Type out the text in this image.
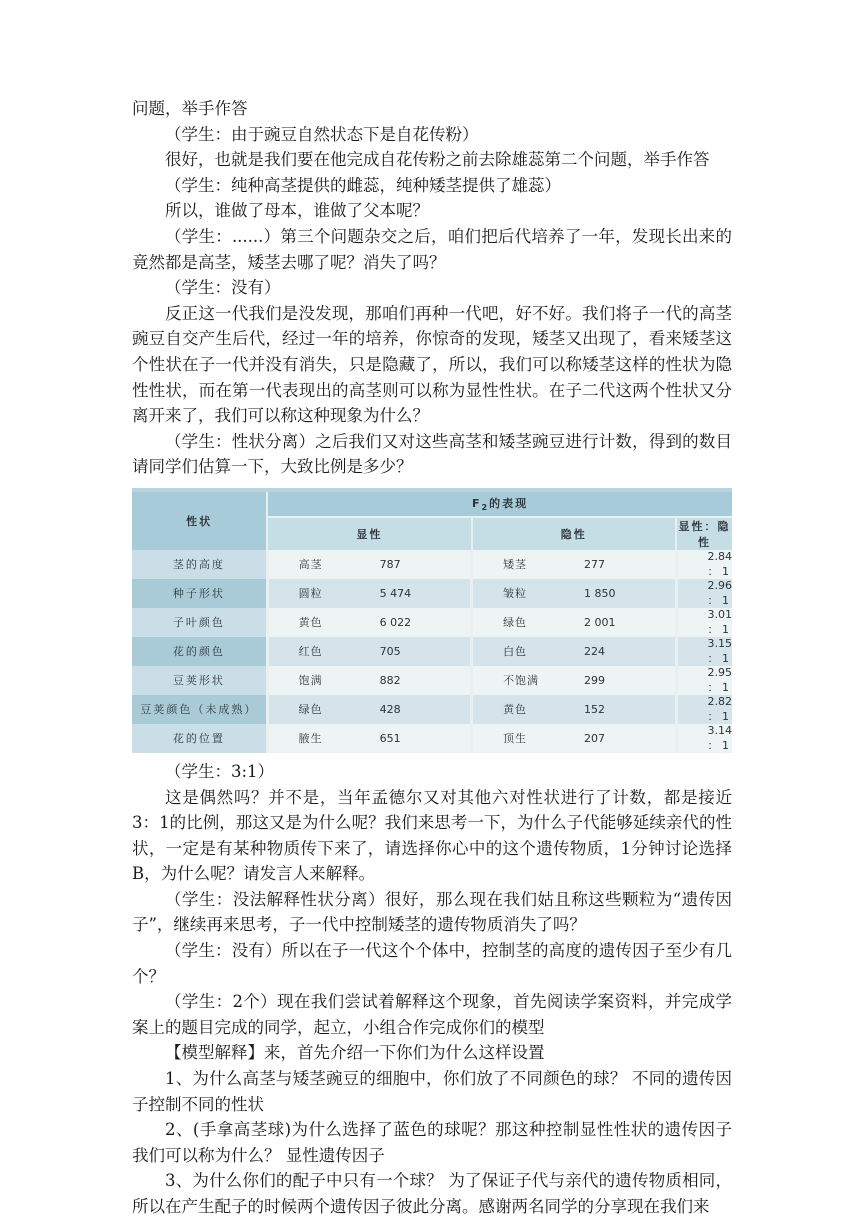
问题，举手作答

（学生：由于豌豆自然状态下是自花传粉）

很好，也就是我们要在他完成自花传粉之前去除雄蕊第二个问题，举手作答

（学生：纯种高茎提供的雌蕊，纯种矮茎提供了雄蕊）

所以，谁做了母本，谁做了父本呢？

（学生：......）第三个问题杂交之后，咱们把后代培养了一年，发现长出来的竟然都是高茎，矮茎去哪了呢？消失了吗？

（学生：没有）

反正这一代我们是没发现，那咱们再种一代吧，好不好。我们将子一代的高茎豌豆自交产生后代，经过一年的培养，你惊奇的发现，矮茎又出现了，看来矮茎这个性状在子一代并没有消失，只是隐藏了，所以，我们可以称矮茎这样的性状为隐性性状，而在第一代表现出的高茎则可以称为显性性状。在子二代这两个性状又分离开来了，我们可以称这种现象为什么？

（学生：性状分离）之后我们又对这些高茎和矮茎豌豆进行计数，得到的数目请同学们估算一下，大致比例是多少？

性状	$F_2$的表现				
	显性		隐性		显性：隐性
茎的高度	高茎	787	矮茎	277	2.84 ： 1
种子形状	圆粒	5 474	皱粒	1 850	2.96 ： 1
子叶颜色	黄色	6 022	绿色	2 001	3.01 ： 1
花的颜色	红色	705	白色	224	3.15 ： 1
豆荚形状	饱满	882	不饱满	299	2.95 ： 1
豆荚颜色（未成熟）	绿色	428	黄色	152	2.82 ： 1
花的位置	腋生	651	顶生	207	3.14 ： 1

（学生：3:1）

这是偶然吗？并不是，当年孟德尔又对其他六对性状进行了计数，都是接近3：1的比例，那这又是为什么呢？我们来思考一下，为什么子代能够延续亲代的性状，一定是有某种物质传下来了，请选择你心中的这个遗传物质，1分钟讨论选择 B，为什么呢？请发言人来解释。

（学生：没法解释性状分离）很好，那么现在我们姑且称这些颗粒为“遗传因子”，继续再来思考，子一代中控制矮茎的遗传物质消失了吗？

（学生：没有）所以在子一代这个个体中，控制茎的高度的遗传因子至少有几个？

（学生：2个）现在我们尝试着解释这个现象，首先阅读学案资料，并完成学案上的题目完成的同学，起立，小组合作完成你们的模型

【模型解释】来，首先介绍一下你们为什么这样设置

1、为什么高茎与矮茎豌豆的细胞中，你们放了不同颜色的球？ 不同的遗传因子控制不同的性状

2、(手拿高茎球)为什么选择了蓝色的球呢？那这种控制显性性状的遗传因子我们可以称为什么？ 显性遗传因子

3、为什么你们的配子中只有一个球？ 为了保证子代与亲代的遗传物质相同，所以在产生配子的时候两个遗传因子彼此分离。感谢两名同学的分享现在我们来
